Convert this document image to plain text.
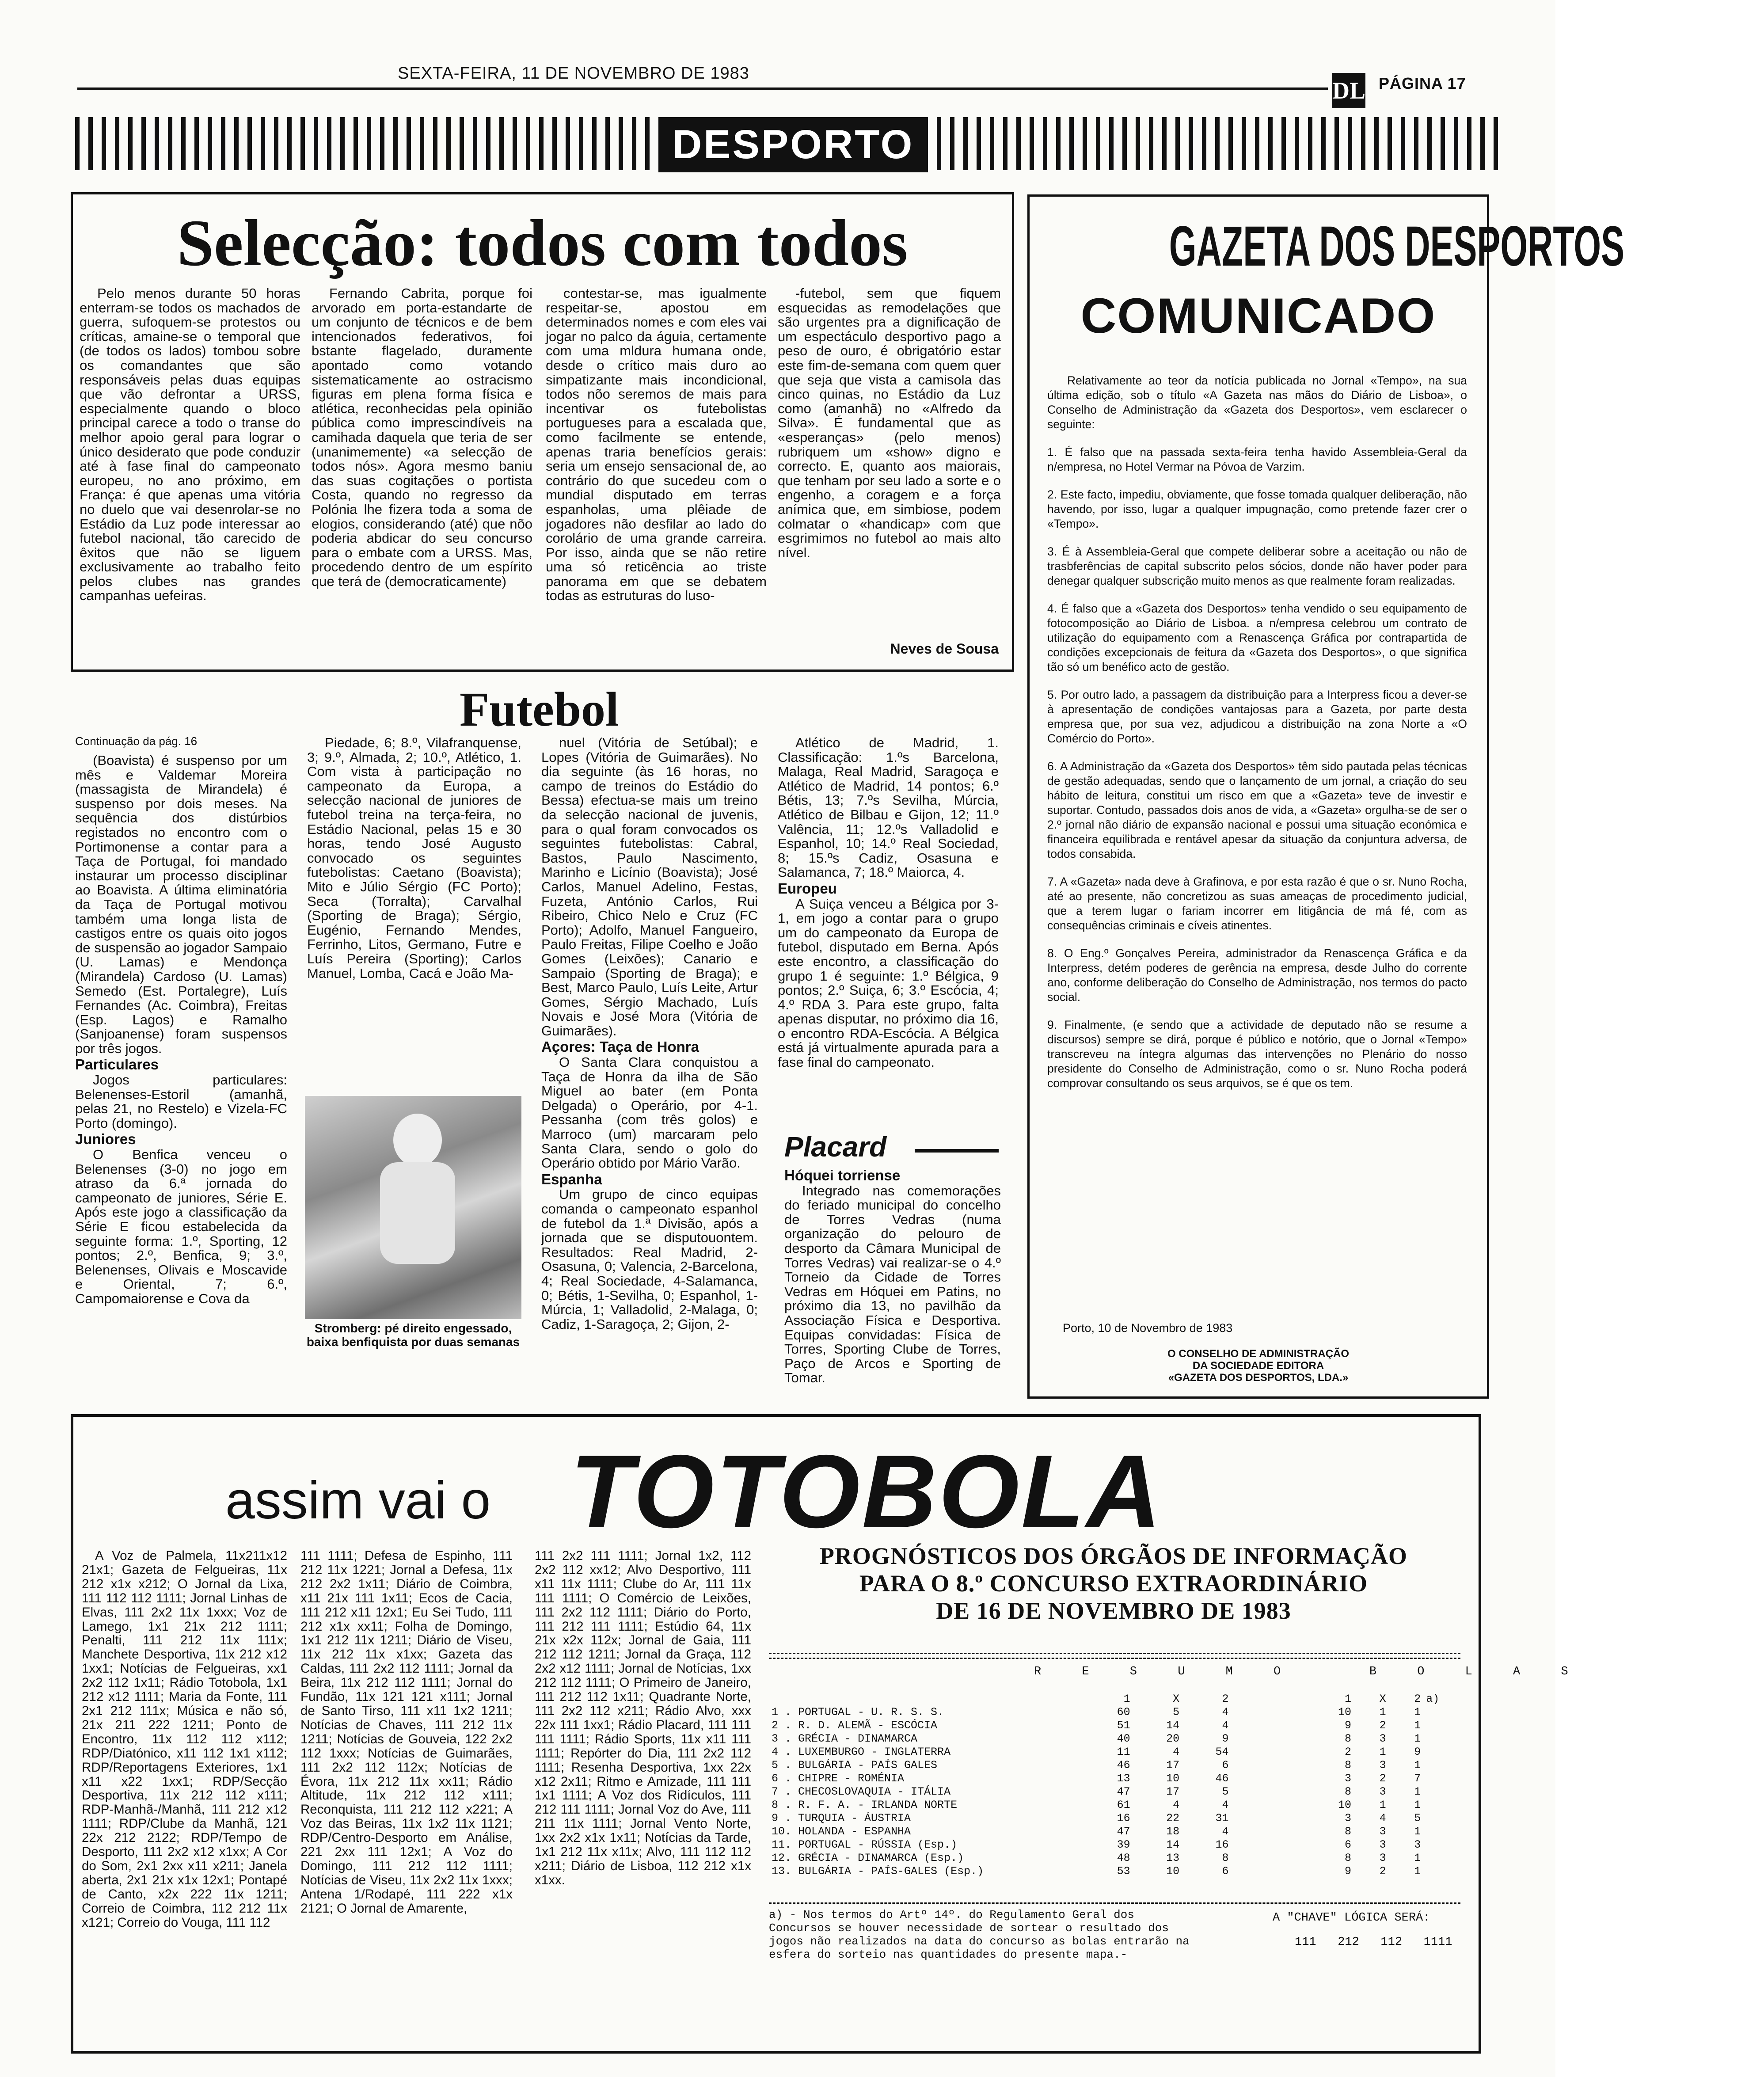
SEXTA-FEIRA, 11 DE NOVEMBRO DE 1983
DL PÁGINA 17
DESPORTO
Selecção: todos com todos

Pelo menos durante 50 horas enterram-se todos os machados de guerra, sufoquem-se protestos ou críticas, amaine-se o temporal que (de todos os lados) tombou sobre os comandantes que são responsáveis pelas duas equipas que vão defrontar a URSS, especialmente quando o bloco principal carece a todo o transe do melhor apoio geral para lograr o único desiderato que pode conduzir até à fase final do campeonato europeu, no ano próximo, em França: é que apenas uma vitória no duelo que vai desenrolar-se no Estádio da Luz pode interessar ao futebol nacional, tão carecido de êxitos que não se liguem exclusivamente ao trabalho feito pelos clubes nas grandes campanhas uefeiras.

Fernando Cabrita, porque foi arvorado em porta-estandarte de um conjunto de técnicos e de bem intencionados federativos, foi bstante flagelado, duramente apontado como votando sistematicamente ao ostracismo figuras em plena forma física e atlética, reconhecidas pela opinião pública como imprescindíveis na camihada daquela que teria de ser (unanimemente) «a selecção de todos nós». Agora mesmo baniu das suas cogitações o portista Costa, quando no regresso da Polónia lhe fizera toda a soma de elogios, considerando (até) que nõo poderia abdicar do seu concurso para o embate com a URSS. Mas, procedendo dentro de um espírito que terá de (democraticamente)

contestar-se, mas igualmente respeitar-se, apostou em determinados nomes e com eles vai jogar no palco da águia, certamente com uma mldura humana onde, desde o crítico mais duro ao simpatizante mais incondicional, todos nõo seremos de mais para incentivar os futebolistas portugueses para a escalada que, como facilmente se entende, apenas traria benefícios gerais: seria um ensejo sensacional de, ao contrário do que sucedeu com o mundial disputado em terras espanholas, uma plêiade de jogadores não desfilar ao lado do corolário de uma grande carreira. Por isso, ainda que se não retire uma só reticência ao triste panorama em que se debatem todas as estruturas do luso-

-futebol, sem que fiquem esquecidas as remodelações que são urgentes pra a dignificação de um espectáculo desportivo pago a peso de ouro, é obrigatório estar este fim-de-semana com quem quer que seja que vista a camisola das cinco quinas, no Estádio da Luz como (amanhã) no «Alfredo da Silva». É fundamental que as «esperanças» (pelo menos) rubriquem um «show» digno e correcto. E, quanto aos maiorais, que tenham por seu lado a sorte e o engenho, a coragem e a força anímica que, em simbiose, podem colmatar o «handicap» com que esgrimimos no futebol ao mais alto nível.

Neves de Sousa
Futebol
Continuação da pág. 16

(Boavista) é suspenso por um mês e Valdemar Moreira (massagista de Mirandela) é suspenso por dois meses. Na sequência dos distúrbios registados no encontro com o Portimonense a contar para a Taça de Portugal, foi mandado instaurar um processo disciplinar ao Boavista. A última eliminatória da Taça de Portugal motivou também uma longa lista de castigos entre os quais oito jogos de suspensão ao jogador Sampaio (U. Lamas) e Mendonça (Mirandela) Cardoso (U. Lamas) Semedo (Est. Portalegre), Luís Fernandes (Ac. Coimbra), Freitas (Esp. Lagos) e Ramalho (Sanjoanense) foram suspensos por três jogos.

Particulares

Jogos particulares: Belenenses-Estoril (amanhã, pelas 21, no Restelo) e Vizela-FC Porto (domingo).

Juniores

O Benfica venceu o Belenenses (3-0) no jogo em atraso da 6.ª jornada do campeonato de juniores, Série E. Após este jogo a classificação da Série E ficou estabelecida da seguinte forma: 1.º, Sporting, 12 pontos; 2.º, Benfica, 9; 3.º, Belenenses, Olivais e Moscavide e Oriental, 7; 6.º, Campomaiorense e Cova da

Piedade, 6; 8.º, Vilafranquense, 3; 9.º, Almada, 2; 10.º, Atlético, 1. Com vista à participação no campeonato da Europa, a selecção nacional de juniores de futebol treina na terça-feira, no Estádio Nacional, pelas 15 e 30 horas, tendo José Augusto convocado os seguintes futebolistas: Caetano (Boavista); Mito e Júlio Sérgio (FC Porto); Seca (Torralta); Carvalhal (Sporting de Braga); Sérgio, Eugénio, Fernando Mendes, Ferrinho, Litos, Germano, Futre e Luís Pereira (Sporting); Carlos Manuel, Lomba, Cacá e João Ma-

Stromberg: pé direito engessado, baixa benfiquista por duas semanas

nuel (Vitória de Setúbal); e Lopes (Vitória de Guimarães). No dia seguinte (às 16 horas, no campo de treinos do Estádio do Bessa) efectua-se mais um treino da selecção nacional de juvenis, para o qual foram convocados os seguintes futebolistas: Cabral, Bastos, Paulo Nascimento, Marinho e Licínio (Boavista); José Carlos, Manuel Adelino, Festas, Fuzeta, António Carlos, Rui Ribeiro, Chico Nelo e Cruz (FC Porto); Adolfo, Manuel Fangueiro, Paulo Freitas, Filipe Coelho e João Gomes (Leixões); Canario e Sampaio (Sporting de Braga); e Best, Marco Paulo, Luís Leite, Artur Gomes, Sérgio Machado, Luís Novais e José Mora (Vitória de Guimarães).

Açores: Taça de Honra

O Santa Clara conquistou a Taça de Honra da ilha de São Miguel ao bater (em Ponta Delgada) o Operário, por 4-1. Pessanha (com três golos) e Marroco (um) marcaram pelo Santa Clara, sendo o golo do Operário obtido por Mário Varão.

Espanha

Um grupo de cinco equipas comanda o campeonato espanhol de futebol da 1.ª Divisão, após a jornada que se disputouontem. Resultados: Real Madrid, 2-Osasuna, 0; Valencia, 2-Barcelona, 4; Real Sociedade, 4-Salamanca, 0; Bétis, 1-Sevilha, 0; Espanhol, 1-Múrcia, 1; Valladolid, 2-Malaga, 0; Cadiz, 1-Saragoça, 2; Gijon, 2-

Atlético de Madrid, 1. Classificação: 1.ºs Barcelona, Malaga, Real Madrid, Saragoça e Atlético de Madrid, 14 pontos; 6.º Bétis, 13; 7.ºs Sevilha, Múrcia, Atlético de Bilbau e Gijon, 12; 11.º Valência, 11; 12.ºs Valladolid e Espanhol, 10; 14.º Real Sociedad, 8; 15.ºs Cadiz, Osasuna e Salamanca, 7; 18.º Maiorca, 4.

Europeu

A Suiça venceu a Bélgica por 3-1, em jogo a contar para o grupo um do campeonato da Europa de futebol, disputado em Berna. Após este encontro, a classificação do grupo 1 é seguinte: 1.º Bélgica, 9 pontos; 2.º Suiça, 6; 3.º Escócia, 4; 4.º RDA 3. Para este grupo, falta apenas disputar, no próximo dia 16, o encontro RDA-Escócia. A Bélgica está já virtualmente apurada para a fase final do campeonato.

Placard
Hóquei torriense

Integrado nas comemorações do feriado municipal do concelho de Torres Vedras (numa organização do pelouro de desporto da Câmara Municipal de Torres Vedras) vai realizar-se o 4.º Torneio da Cidade de Torres Vedras em Hóquei em Patins, no próximo dia 13, no pavilhão da Associação Física e Desportiva. Equipas convidadas: Física de Torres, Sporting Clube de Torres, Paço de Arcos e Sporting de Tomar.

GAZETA DOS DESPORTOS
COMUNICADO

Relativamente ao teor da notícia publicada no Jornal «Tempo», na sua última edição, sob o título «A Gazeta nas mãos do Diário de Lisboa», o Conselho de Administração da «Gazeta dos Desportos», vem esclarecer o seguinte:

1. É falso que na passada sexta-feira tenha havido Assembleia-Geral da n/empresa, no Hotel Vermar na Póvoa de Varzim.

2. Este facto, impediu, obviamente, que fosse tomada qualquer deliberação, não havendo, por isso, lugar a qualquer impugnação, como pretende fazer crer o «Tempo».

3. É à Assembleia-Geral que compete deliberar sobre a aceitação ou não de trasbferências de capital subscrito pelos sócios, donde não haver poder para denegar qualquer subscrição muito menos as que realmente foram realizadas.

4. É falso que a «Gazeta dos Desportos» tenha vendido o seu equipamento de fotocomposição ao Diário de Lisboa. a n/empresa celebrou um contrato de utilização do equipamento com a Renascença Gráfica por contrapartida de condições excepcionais de feitura da «Gazeta dos Desportos», o que significa tão só um benéfico acto de gestão.

5. Por outro lado, a passagem da distribuição para a Interpress ficou a dever-se à apresentação de condições vantajosas para a Gazeta, por parte desta empresa que, por sua vez, adjudicou a distribuição na zona Norte a «O Comércio do Porto».

6. A Administração da «Gazeta dos Desportos» têm sido pautada pelas técnicas de gestão adequadas, sendo que o lançamento de um jornal, a criação do seu hábito de leitura, constitui um risco em que a «Gazeta» teve de investir e suportar. Contudo, passados dois anos de vida, a «Gazeta» orgulha-se de ser o 2.º jornal não diário de expansão nacional e possui uma situação económica e financeira equilibrada e rentável apesar da situação da conjuntura adversa, de todos consabida.

7. A «Gazeta» nada deve à Grafinova, e por esta razão é que o sr. Nuno Rocha, até ao presente, não concretizou as suas ameaças de procedimento judicial, que a terem lugar o fariam incorrer em litigância de má fé, com as consequências criminais e cíveis atinentes.

8. O Eng.º Gonçalves Pereira, administrador da Renascença Gráfica e da Interpress, detém poderes de gerência na empresa, desde Julho do corrente ano, conforme deliberação do Conselho de Administração, nos termos do pacto social.

9. Finalmente, (e sendo que a actividade de deputado não se resume a discursos) sempre se dirá, porque é público e notório, que o Jornal «Tempo» transcreveu na íntegra algumas das intervenções no Plenário do nosso presidente do Conselho de Administração, como o sr. Nuno Rocha poderá comprovar consultando os seus arquivos, se é que os tem.

Porto, 10 de Novembro de 1983
O CONSELHO DE ADMINISTRAÇÃO
DA SOCIEDADE EDITORA
«GAZETA DOS DESPORTOS, LDA.»
assim vai o TOTOBOLA

A Voz de Palmela, 11x211x12 21x1; Gazeta de Felgueiras, 11x 212 x1x x212; O Jornal da Lixa, 111 112 112 1111; Jornal Linhas de Elvas, 111 2x2 11x 1xxx; Voz de Lamego, 1x1 21x 212 1111; Penalti, 111 212 11x 111x; Manchete Desportiva, 11x 212 x12 1xx1; Notícias de Felgueiras, xx1 2x2 112 1x11; Rádio Totobola, 1x1 212 x12 1111; Maria da Fonte, 111 2x1 212 111x; Música e não só, 21x 211 222 1211; Ponto de Encontro, 11x 112 112 x112; RDP/Diatónico, x11 112 1x1 x112; RDP/Reportagens Exteriores, 1x1 x11 x22 1xx1; RDP/Secção Desportiva, 11x 212 112 x111; RDP-Manhã-/Manhã, 111 212 x12 1111; RDP/Clube da Manhã, 121 22x 212 2122; RDP/Tempo de Desporto, 111 2x2 x12 x1xx; A Cor do Som, 2x1 2xx x11 x211; Janela aberta, 2x1 21x x1x 12x1; Pontapé de Canto, x2x 222 11x 1211; Correio de Coimbra, 112 212 11x x121; Correio do Vouga, 111 112

111 1111; Defesa de Espinho, 111 212 11x 1221; Jornal a Defesa, 11x 212 2x2 1x11; Diário de Coimbra, x11 21x 111 1x11; Ecos de Cacia, 111 212 x11 12x1; Eu Sei Tudo, 111 212 x1x xx11; Folha de Domingo, 1x1 212 11x 1211; Diário de Viseu, 11x 212 11x x1xx; Gazeta das Caldas, 111 2x2 112 1111; Jornal da Beira, 11x 212 112 1111; Jornal do Fundão, 11x 121 121 x111; Jornal de Santo Tirso, 111 x11 1x2 1211; Notícias de Chaves, 111 212 11x 1211; Notícias de Gouveia, 122 2x2 112 1xxx; Notícias de Guimarães, 111 2x2 112 112x; Notícias de Évora, 11x 212 11x xx11; Rádio Altitude, 11x 212 112 x111; Reconquista, 111 212 112 x221; A Voz das Beiras, 11x 1x2 11x 1121; RDP/Centro-Desporto em Análise, 221 2xx 111 12x1; A Voz do Domingo, 111 212 112 1111; Notícias de Viseu, 11x 2x2 11x 1xxx; Antena 1/Rodapé, 111 222 x1x 2121; O Jornal de Amarente,

111 2x2 111 1111; Jornal 1x2, 112 2x2 112 xx12; Alvo Desportivo, 111 x11 11x 1111; Clube do Ar, 111 11x 111 1111; O Comércio de Leixões, 111 2x2 112 1111; Diário do Porto, 111 212 111 1111; Estúdio 64, 11x 21x x2x 112x; Jornal de Gaia, 111 212 112 1211; Jornal da Graça, 112 2x2 x12 1111; Jornal de Notícias, 1xx 212 112 1111; O Primeiro de Janeiro, 111 212 112 1x11; Quadrante Norte, 111 2x2 112 x211; Rádio Alvo, xxx 22x 111 1xx1; Rádio Placard, 111 111 111 1111; Rádio Sports, 11x x11 111 1111; Repórter do Dia, 111 2x2 112 1111; Resenha Desportiva, 1xx 22x x12 2x11; Ritmo e Amizade, 111 111 1x1 1111; A Voz dos Ridículos, 111 212 111 1111; Jornal Voz do Ave, 111 211 11x 1111; Jornal Vento Norte, 1xx 2x2 x1x 1x11; Notícias da Tarde, 1x1 212 11x x11x; Alvo, 111 112 112 x211; Diário de Lisboa, 112 212 x1x x1xx.

PROGNÓSTICOS DOS ÓRGÃOS DE INFORMAÇÃO
PARA O 8.º CONCURSO EXTRAORDINÁRIO
DE 16 DE NOVEMBRO DE 1983
R E S U M O   B O L A S
	1	X	2		1	X	2	a)
1 . PORTUGAL - U. R. S. S.	60	5	4		10	1	1	
2 . R. D. ALEMÃ - ESCÓCIA	51	14	4		9	2	1	
3 . GRÉCIA - DINAMARCA	40	20	9		8	3	1	
4 . LUXEMBURGO - INGLATERRA	11	4	54		2	1	9	
5 . BULGÁRIA - PAÍS GALES	46	17	6		8	3	1	
6 . CHIPRE - ROMÉNIA	13	10	46		3	2	7	
7 . CHECOSLOVAQUIA - ITÁLIA	47	17	5		8	3	1	
8 . R. F. A. - IRLANDA NORTE	61	4	4		10	1	1	
9 . TURQUIA - ÁUSTRIA	16	22	31		3	4	5	
10. HOLANDA - ESPANHA	47	18	4		8	3	1	
11. PORTUGAL - RÚSSIA (Esp.)	39	14	16		6	3	3	
12. GRÉCIA - DINAMARCA (Esp.)	48	13	8		8	3	1	
13. BULGÁRIA - PAÍS-GALES (Esp.)	53	10	6		9	2	1	
a) - Nos termos do Artº 14º. do Regulamento Geral dos Concursos se houver necessidade de sortear o resultado dos jogos não realizados na data do concurso as bolas entrarão na esfera do sorteio nas quantidades do presente mapa.-
A "CHAVE" LÓGICA SERÁ:
111   212   112   1111
